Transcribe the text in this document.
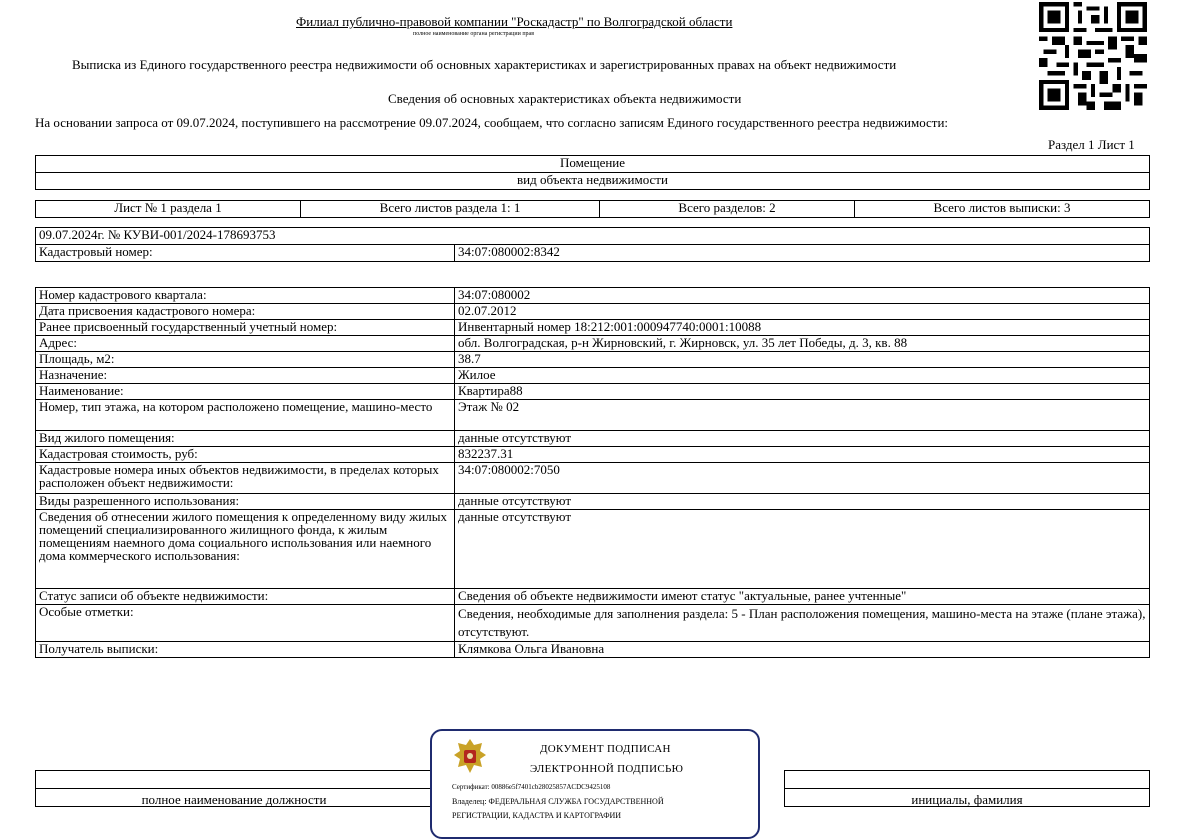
Филиал публично-правовой компании "Роскадастр" по Волгоградской области
полное наименование органа регистрации прав
Выписка из Единого государственного реестра недвижимости об основных характеристиках и зарегистрированных правах на объект недвижимости
Сведения об основных характеристиках объекта недвижимости
На основании запроса от 09.07.2024, поступившего на рассмотрение 09.07.2024, сообщаем, что согласно записям Единого государственного реестра недвижимости:
Раздел 1 Лист 1
Помещение
вид объекта недвижимости
Лист № 1 раздела 1	Всего листов раздела 1: 1	Всего разделов: 2	Всего листов выписки: 3
09.07.2024г. № КУВИ-001/2024-178693753
Кадастровый номер:	34:07:080002:8342
Номер кадастрового квартала:	34:07:080002
Дата присвоения кадастрового номера:	02.07.2012
Ранее присвоенный государственный учетный номер:	Инвентарный номер 18:212:001:000947740:0001:10088
Адрес:	обл. Волгоградская, р-н Жирновский, г. Жирновск, ул. 35 лет Победы, д. 3, кв. 88
Площадь, м2:	38.7
Назначение:	Жилое
Наименование:	Квартира88
Номер, тип этажа, на котором расположено помещение, машино-место	Этаж № 02
Вид жилого помещения:	данные отсутствуют
Кадастровая стоимость, руб:	832237.31
Кадастровые номера иных объектов недвижимости, в пределах которых расположен объект недвижимости:	34:07:080002:7050
Виды разрешенного использования:	данные отсутствуют
Сведения об отнесении жилого помещения к определенному виду жилых помещений специализированного жилищного фонда, к жилым помещениям наемного дома социального использования или наемного дома коммерческого использования:	данные отсутствуют
Статус записи об объекте недвижимости:	Сведения об объекте недвижимости имеют статус "актуальные, ранее учтенные"
Особые отметки:	Сведения, необходимые для заполнения раздела: 5 - План расположения помещения, машино-места на этаже (плане этажа), отсутствуют.
Получатель выписки:	Клямкова Ольга Ивановна

полное наименование должности		инициалы, фамилия
ДОКУМЕНТ ПОДПИСАН
ЭЛЕКТРОННОЙ ПОДПИСЬЮ
Сертификат: 00886e5f7401cb28025857ACDC9425108
Владелец: ФЕДЕРАЛЬНАЯ СЛУЖБА ГОСУДАРСТВЕННОЙ
РЕГИСТРАЦИИ, КАДАСТРА И КАРТОГРАФИИ
